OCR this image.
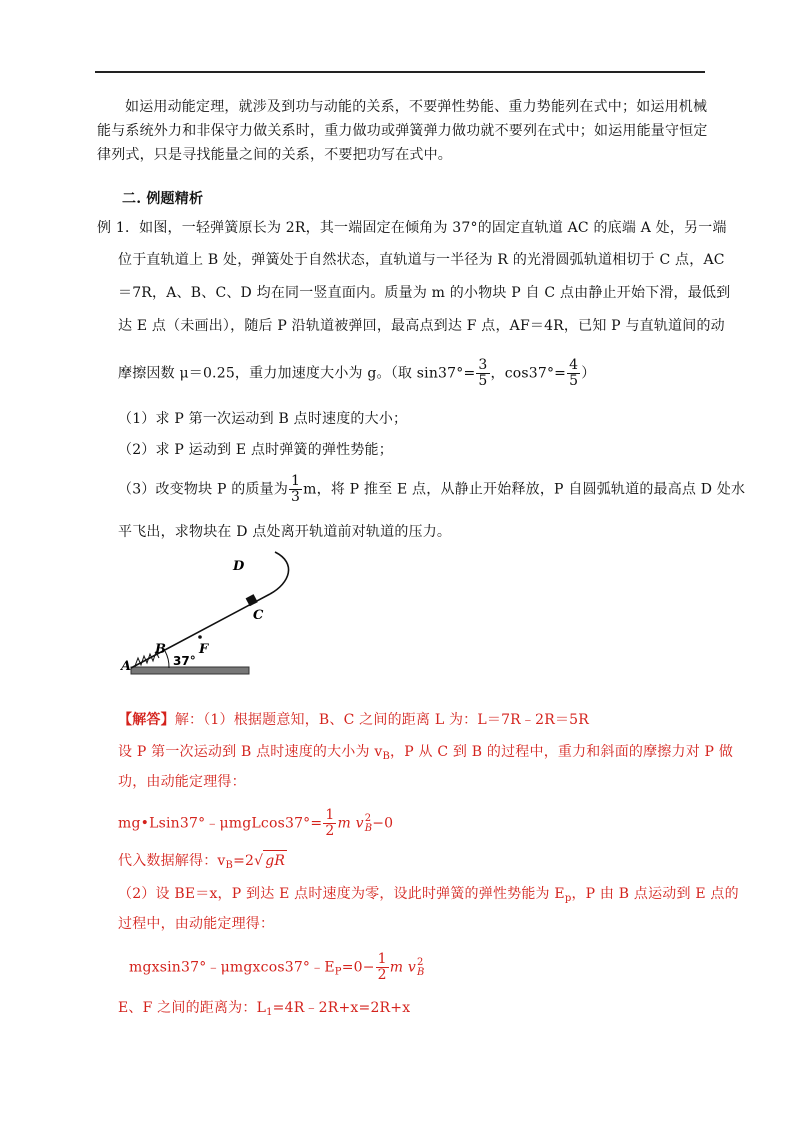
如运用动能定理，就涉及到功与动能的关系，不要弹性势能、重力势能列在式中；如运用机械
能与系统外力和非保守力做关系时，重力做功或弹簧弹力做功就不要列在式中；如运用能量守恒定
律列式，只是寻找能量之间的关系，不要把功写在式中。
二. 例题精析
例 1．如图，一轻弹簧原长为 2R，其一端固定在倾角为 37°的固定直轨道 AC 的底端 A 处，另一端
位于直轨道上 B 处，弹簧处于自然状态，直轨道与一半径为 R 的光滑圆弧轨道相切于 C 点，AC
＝7R，A、B、C、D 均在同一竖直面内。质量为 m 的小物块 P 自 C 点由静止开始下滑，最低到
达 E 点（未画出），随后 P 沿轨道被弹回，最高点到达 F 点，AF＝4R，已知 P 与直轨道间的动
摩擦因数 μ＝0.25，重力加速度大小为 g。（取 $\sin 37^\circ= \frac{3}{5}$ ，$\cos 37^\circ= \frac{4}{5}$ ）
（1）求 P 第一次运动到 B 点时速度的大小；
（2）求 P 运动到 E 点时弹簧的弹性势能；
（3）改变物块 P 的质量为 $\frac{1}{3}$ m，将 P 推至 E 点，从静止开始释放，P 自圆弧轨道的最高点 D 处水
平飞出，求物块在 D 点处离开轨道前对轨道的压力。
A
B
C
D
F
37°
【解答】解：（1）根据题意知，B、C 之间的距离 L 为：L＝7R﹣2R＝5R
设 P 第一次运动到 B 点时速度的大小为 $v_B$，P 从 C 到 B 的过程中，重力和斜面的摩擦力对 P 做
功，由动能定理得：
mg•Lsin37°﹣μmgLcos37°= $\frac{1}{2}$ m v 2
B −0
代入数据解得：$v_B=2√$ gR
（2）设 BE＝x，P 到达 E 点时速度为零，设此时弹簧的弹性势能为 $E_p$，P 由 B 点运动到 E 点的
过程中，由动能定理得：
$mgxsin37^\circ﹣\mu mgxcos37^\circ﹣E_P=0- \frac{1}{2}$ m v 2
B
E、F 之间的距离为：$L_1=4R﹣2R+x=2R+x$
